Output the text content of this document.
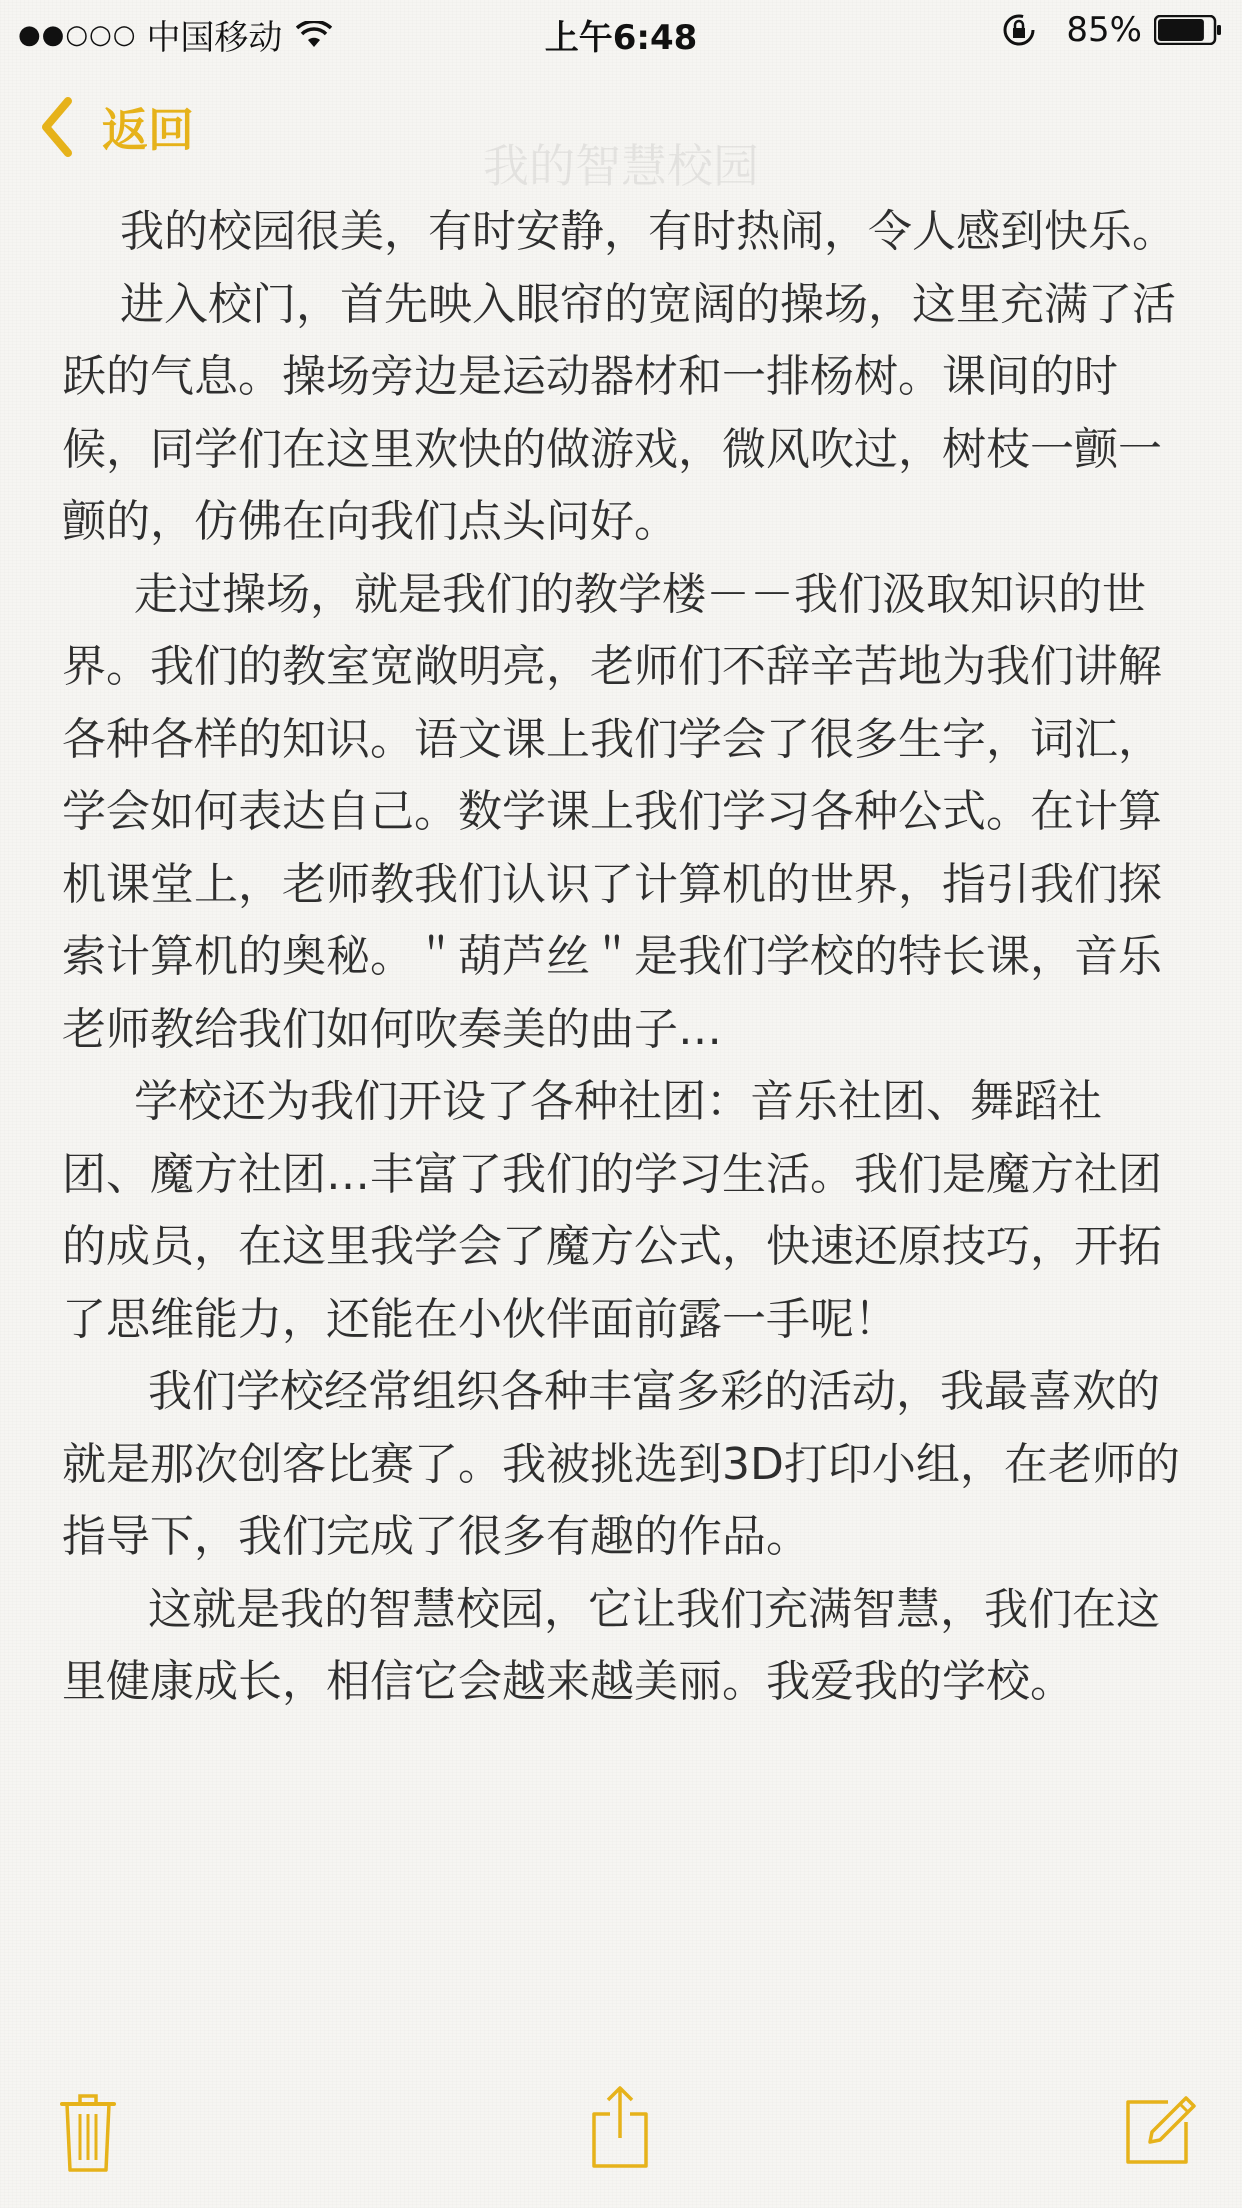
●●○○○ 中国移动	上午6:48	85%
返回
我的智慧校园

我的校园很美，有时安静，有时热闹，令人感到快乐。

进入校门，首先映入眼帘的宽阔的操场，这里充满了活跃的气息。操场旁边是运动器材和一排杨树。课间的时候，同学们在这里欢快的做游戏，微风吹过，树枝一颤一颤的，仿佛在向我们点头问好。

走过操场，就是我们的教学楼－－我们汲取知识的世界。我们的教室宽敞明亮，老师们不辞辛苦地为我们讲解各种各样的知识。语文课上我们学会了很多生字，词汇，学会如何表达自己。数学课上我们学习各种公式。在计算机课堂上，老师教我们认识了计算机的世界，指引我们探索计算机的奥秘。＂葫芦丝＂是我们学校的特长课，音乐老师教给我们如何吹奏美的曲子…

学校还为我们开设了各种社团：音乐社团、舞蹈社团、魔方社团…丰富了我们的学习生活。我们是魔方社团的成员，在这里我学会了魔方公式，快速还原技巧，开拓了思维能力，还能在小伙伴面前露一手呢！

我们学校经常组织各种丰富多彩的活动，我最喜欢的就是那次创客比赛了。我被挑选到3D打印小组，在老师的指导下，我们完成了很多有趣的作品。

这就是我的智慧校园，它让我们充满智慧，我们在这里健康成长，相信它会越来越美丽。我爱我的学校。
